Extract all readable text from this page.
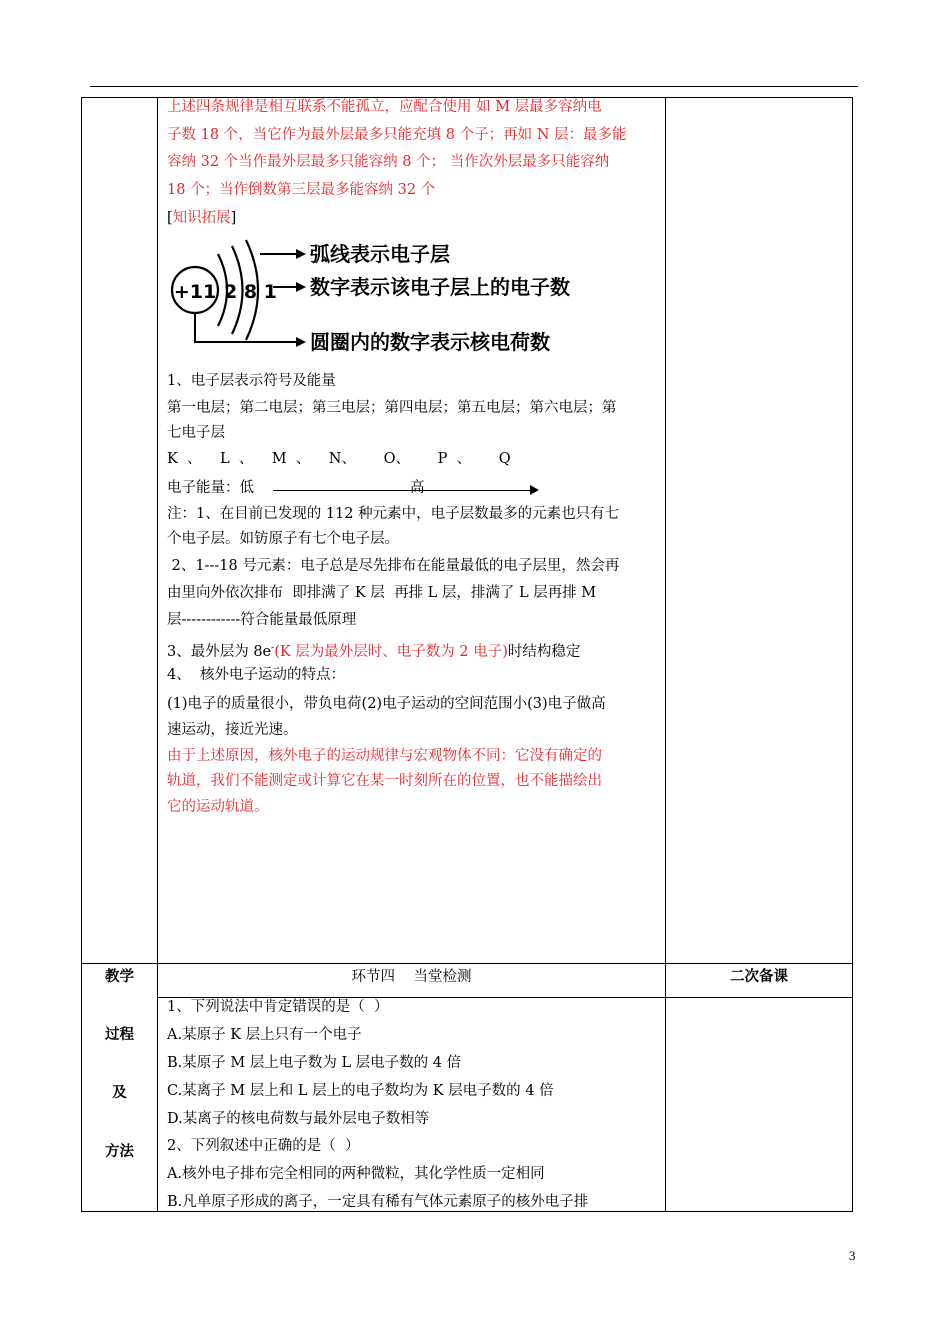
上述四条规律是相互联系不能孤立，应配合使用 如 M 层最多容纳电
子数 18 个，当它作为最外层最多只能充填 8 个子；再如 N 层：最多能
容纳 32 个当作最外层最多只能容纳 8 个； 当作次外层最多只能容纳
18 个；当作倒数第三层最多能容纳 32 个
[知识拓展]
+11 2 8 1
弧线表示电子层
数字表示该电子层上的电子数
圆圈内的数字表示核电荷数
1、电子层表示符号及能量
第一电层；第二电层；第三电层；第四电层；第五电层；第六电层；第
七电子层
K  、    L  、    M  、    N、      O、      P  、      Q
电子能量：低	高
注：1、在目前已发现的 112 种元素中，电子层数最多的元素也只有七
个电子层。如钫原子有七个电子层。
2、1---18 号元素：电子总是尽先排布在能量最低的电子层里，然会再
由里向外依次排布  即排满了 K 层  再排 L 层，排满了 L 层再排 M
层------------符合能量最低原理
3、最外层为 8e-(K 层为最外层时、电子数为 2 电子)时结构稳定
4、  核外电子运动的特点：
(1)电子的质量很小，带负电荷(2)电子运动的空间范围小(3)电子做高
速运动，接近光速。
由于上述原因，核外电子的运动规律与宏观物体不同：它没有确定的
轨道，我们不能测定或计算它在某一时刻所在的位置，也不能描绘出
它的运动轨道。
教学
过程
及
方法
环节四    当堂检测	二次备课
1、下列说法中肯定错误的是（  ）
A.某原子 K 层上只有一个电子
B.某原子 M 层上电子数为 L 层电子数的 4 倍
C.某离子 M 层上和 L 层上的电子数均为 K 层电子数的 4 倍
D.某离子的核电荷数与最外层电子数相等
2、下列叙述中正确的是（  ）
A.核外电子排布完全相同的两种微粒，其化学性质一定相同
B.凡单原子形成的离子，一定具有稀有气体元素原子的核外电子排
3
